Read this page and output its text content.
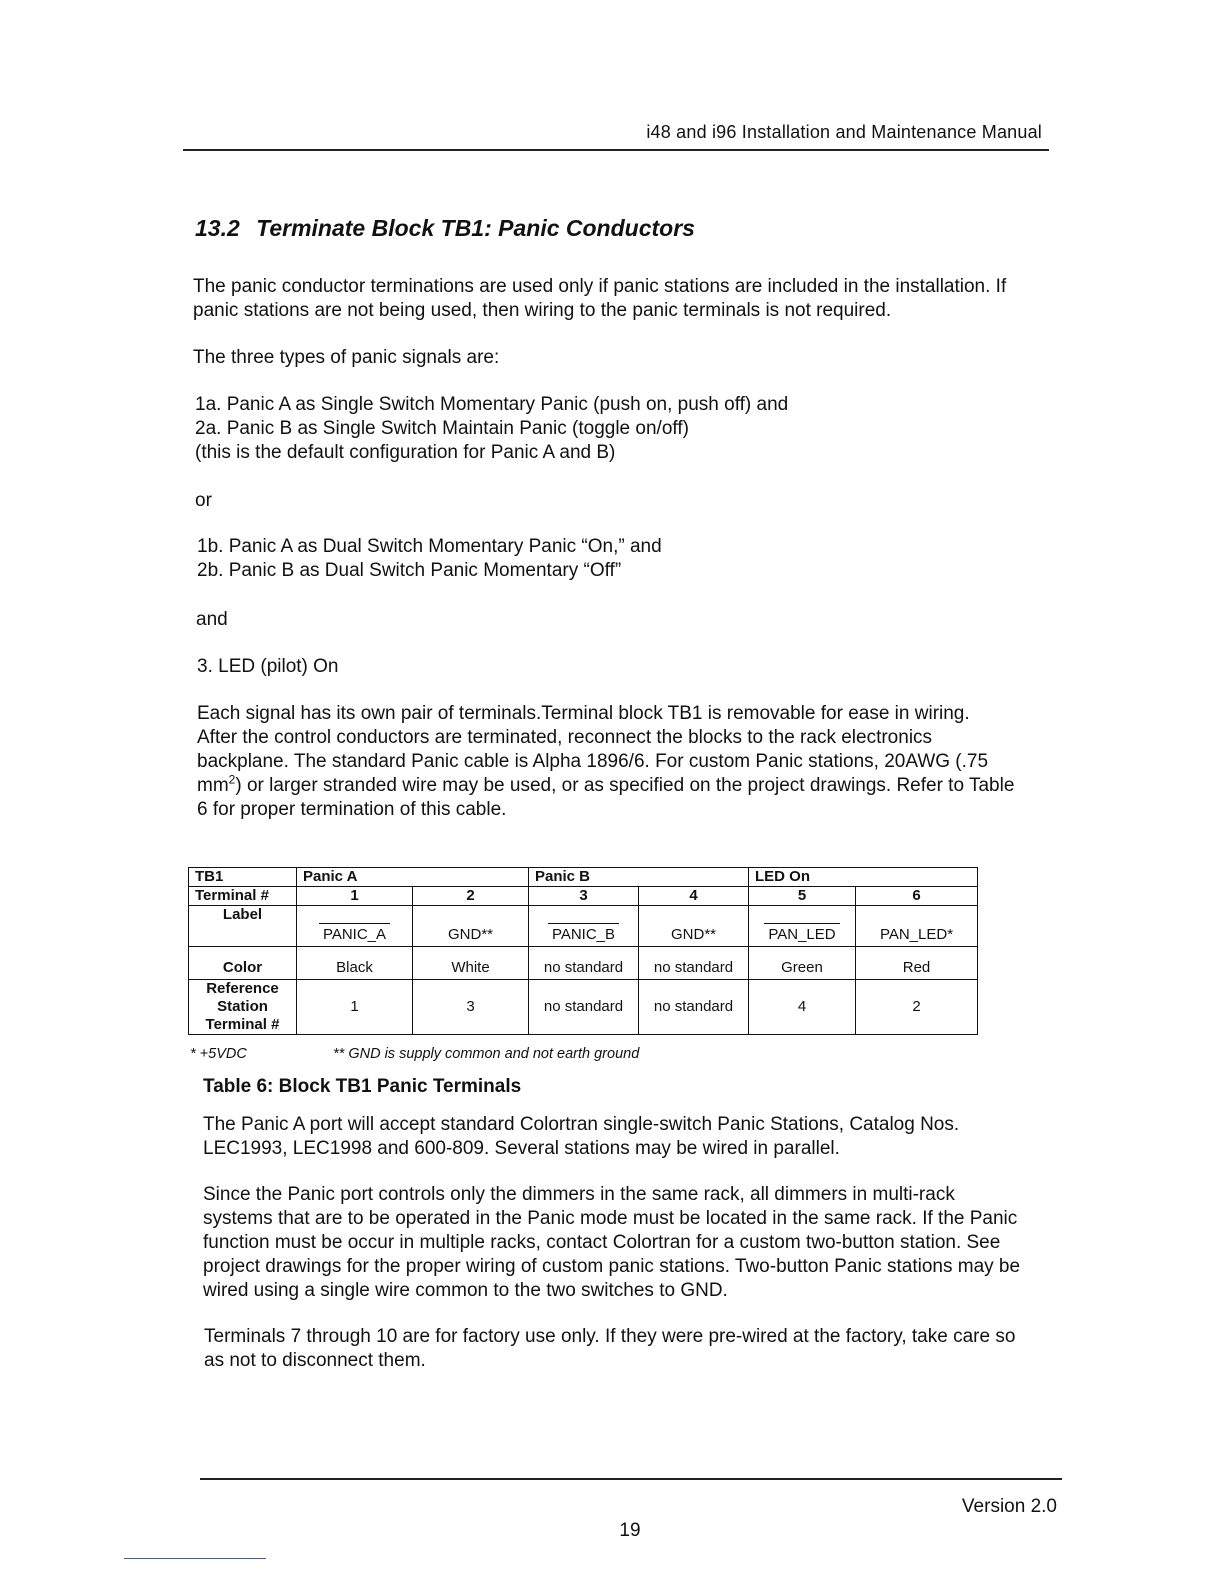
i48 and i96 Installation and Maintenance Manual
13.2 Terminate Block TB1: Panic Conductors
The panic conductor terminations are used only if panic stations are included in the installation. If
panic stations are not being used, then wiring to the panic terminals is not required.
The three types of panic signals are:
1a. Panic A as Single Switch Momentary Panic (push on, push off) and
2a. Panic B as Single Switch Maintain Panic (toggle on/off)
(this is the default configuration for Panic A and B)
or
1b. Panic A as Dual Switch Momentary Panic “On,” and
2b. Panic B as Dual Switch Panic Momentary “Off”
and
3. LED (pilot) On
Each signal has its own pair of terminals.Terminal block TB1 is removable for ease in wiring.
After the control conductors are terminated, reconnect the blocks to the rack electronics
backplane. The standard Panic cable is Alpha 1896/6. For custom Panic stations, 20AWG (.75
$mm^2$) or larger stranded wire may be used, or as specified on the project drawings. Refer to Table
6 for proper termination of this cable.
TB1	Panic A		Panic B		LED On	
Terminal #	1	2	3	4	5	6
Label	PANIC_A	GND**	PANIC_B	GND**	PAN_LED	PAN_LED*
Color	Black	White	no standard	no standard	Green	Red

Reference
Station
Terminal #	1	3	no standard	no standard	4	2
* +5VDC	** GND is supply common and not earth ground
Table 6: Block TB1 Panic Terminals
The Panic A port will accept standard Colortran single-switch Panic Stations, Catalog Nos.
LEC1993, LEC1998 and 600-809. Several stations may be wired in parallel.
Since the Panic port controls only the dimmers in the same rack, all dimmers in multi-rack
systems that are to be operated in the Panic mode must be located in the same rack. If the Panic
function must be occur in multiple racks, contact Colortran for a custom two-button station. See
project drawings for the proper wiring of custom panic stations. Two-button Panic stations may be
wired using a single wire common to the two switches to GND.
Terminals 7 through 10 are for factory use only. If they were pre-wired at the factory, take care so
as not to disconnect them.
Version 2.0
19
